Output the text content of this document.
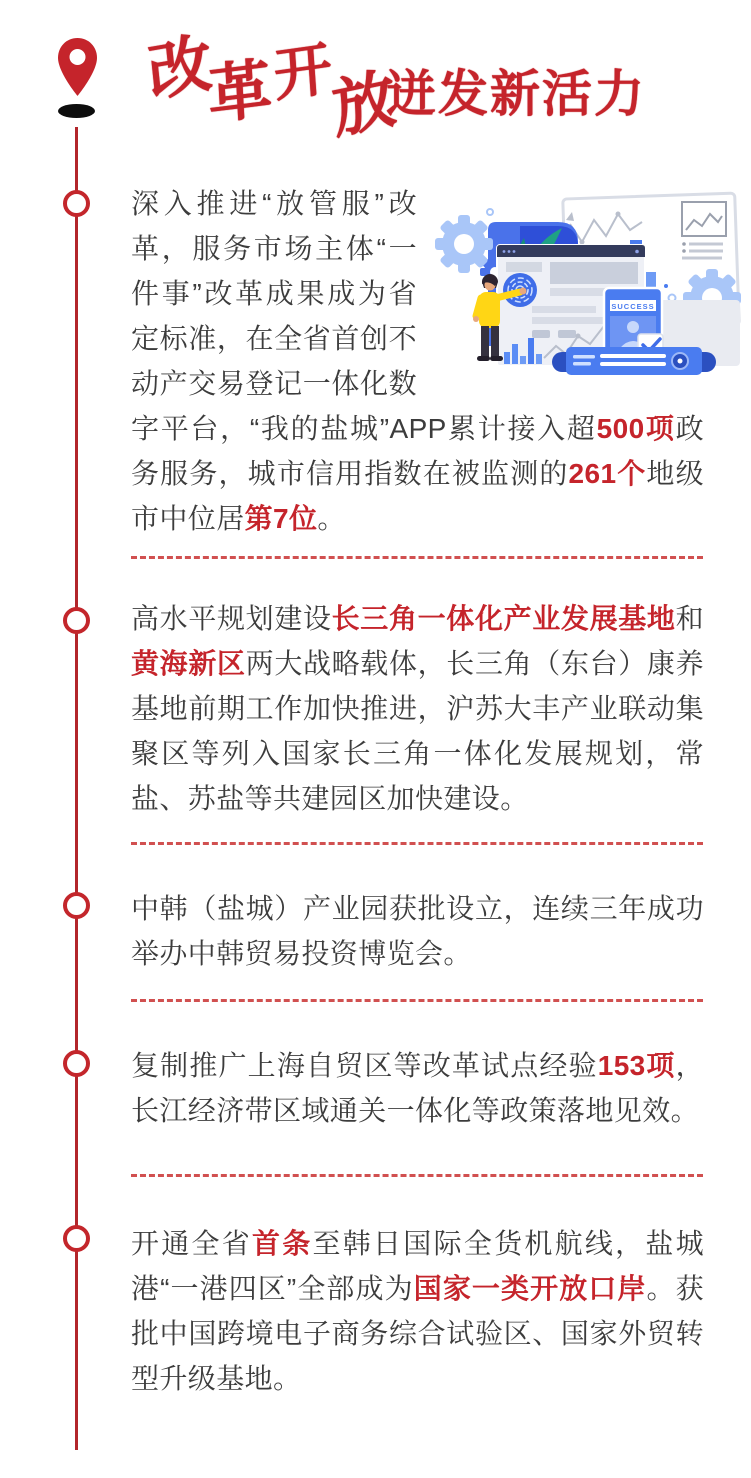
改
革
开
放
迸发新活力
深入推进“放管服”改革，服务市场主体“一件事”改革成果成为省定标准，在全省首创不动产交易登记一体化数字平台，“我的盐城”APP累计接入超500项政务服务，城市信用指数在被监测的261个地级市中位居第7位。
高水平规划建设长三角一体化产业发展基地和黄海新区两大战略载体，长三角（东台）康养基地前期工作加快推进，沪苏大丰产业联动集聚区等列入国家长三角一体化发展规划，常盐、苏盐等共建园区加快建设。
中韩（盐城）产业园获批设立，连续三年成功举办中韩贸易投资博览会。
复制推广上海自贸区等改革试点经验153项，长江经济带区域通关一体化等政策落地见效。
开通全省首条至韩日国际全货机航线，盐城港“一港四区”全部成为国家一类开放口岸。获批中国跨境电子商务综合试验区、国家外贸转型升级基地。
SUCCESS
